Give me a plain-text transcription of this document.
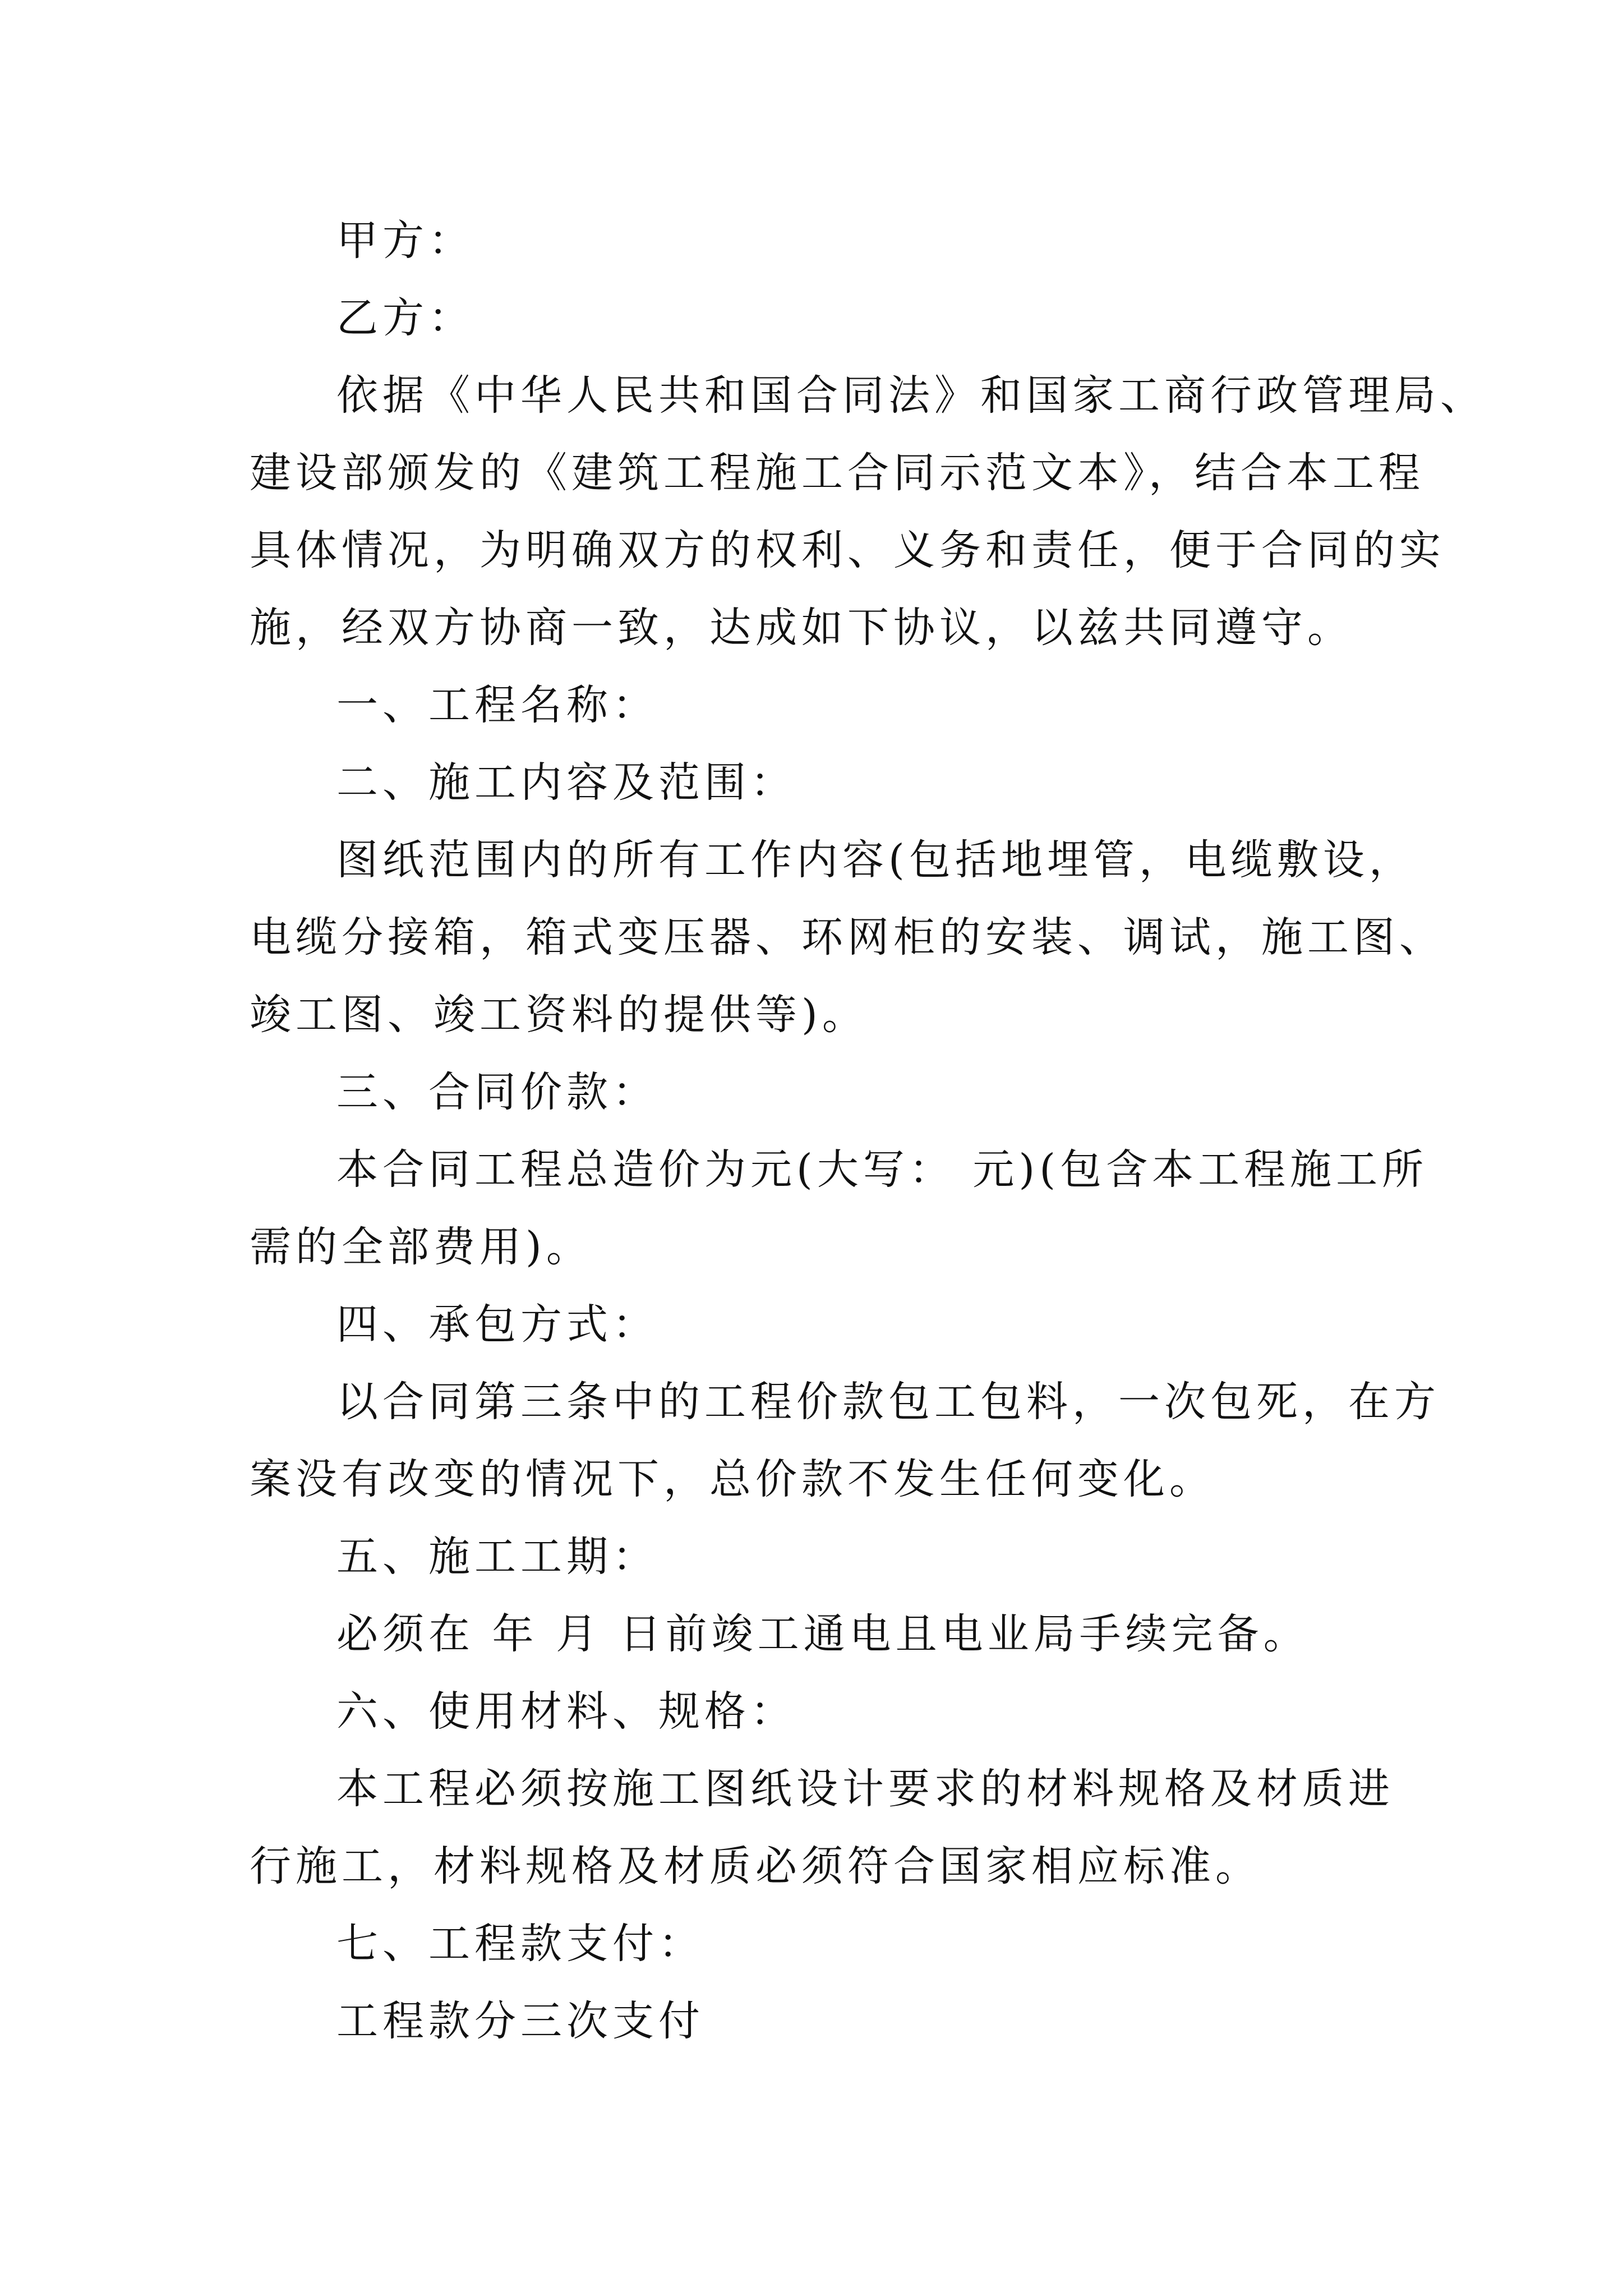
甲方：
乙方：
依据《中华人民共和国合同法》和国家工商行政管理局、
建设部颁发的《建筑工程施工合同示范文本》，结合本工程
具体情况，为明确双方的权利、义务和责任，便于合同的实
施，经双方协商一致，达成如下协议，以兹共同遵守。
一、工程名称：
二、施工内容及范围：
图纸范围内的所有工作内容(包括地埋管，电缆敷设，
电缆分接箱，箱式变压器、环网柜的安装、调试，施工图、
竣工图、竣工资料的提供等)。
三、合同价款：
本合同工程总造价为元(大写： 元)(包含本工程施工所
需的全部费用)。
四、承包方式：
以合同第三条中的工程价款包工包料，一次包死，在方
案没有改变的情况下，总价款不发生任何变化。
五、施工工期：
必须在 年 月 日前竣工通电且电业局手续完备。
六、使用材料、规格：
本工程必须按施工图纸设计要求的材料规格及材质进
行施工，材料规格及材质必须符合国家相应标准。
七、工程款支付：
工程款分三次支付
